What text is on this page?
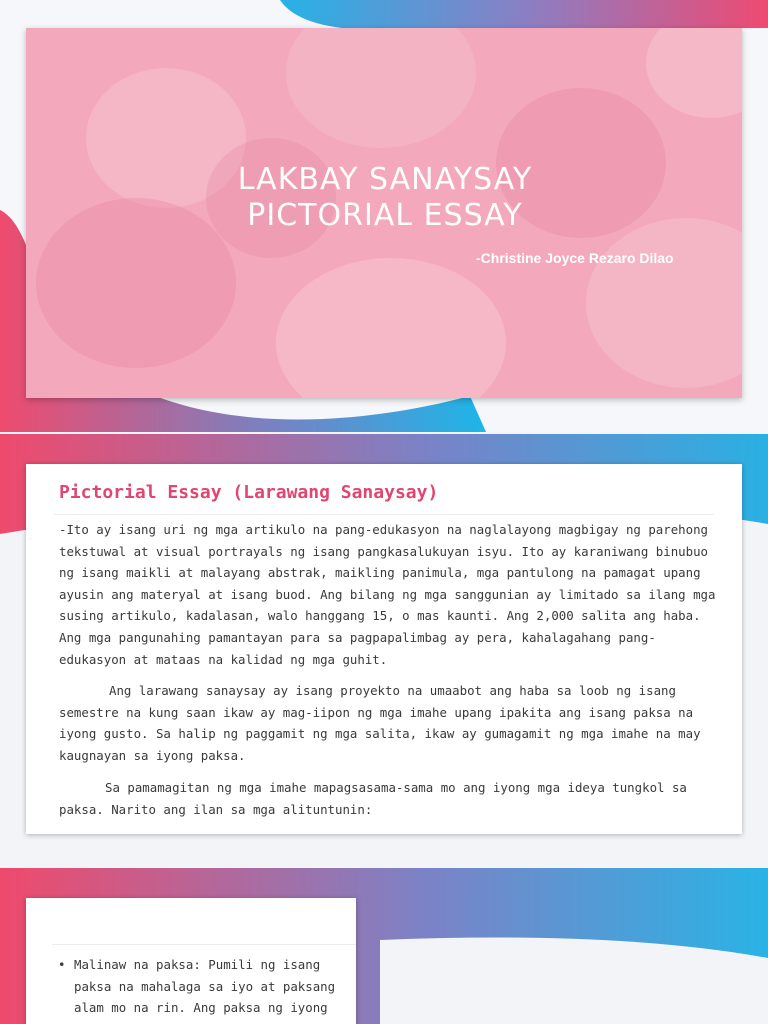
LAKBAY SANAYSAY
PICTORIAL ESSAY
-Christine Joyce Rezaro Dilao
Pictorial Essay (Larawang Sanaysay)

-Ito ay isang uri ng mga artikulo na pang-edukasyon na naglalayong magbigay ng parehong tekstuwal at visual portrayals ng isang pangkasalukuyan isyu. Ito ay karaniwang binubuo ng isang maikli at malayang abstrak, maikling panimula, mga pantulong na pamagat upang ayusin ang materyal at isang buod. Ang bilang ng mga sanggunian ay limitado sa ilang mga susing artikulo, kadalasan, walo hanggang 15, o mas kaunti. Ang 2,000 salita ang haba. Ang mga pangunahing pamantayan para sa pagpapalimbag ay pera, kahalagahang pang-edukasyon at mataas na kalidad ng mga guhit.

Ang larawang sanaysay ay isang proyekto na umaabot ang haba sa loob ng isang semestre na kung saan ikaw ay mag-iipon ng mga imahe upang ipakita ang isang paksa na iyong gusto. Sa halip ng paggamit ng mga salita, ikaw ay gumagamit ng mga imahe na may kaugnayan sa iyong paksa.

Sa pamamagitan ng mga imahe mapagsasama-sama mo ang iyong mga ideya tungkol sa paksa. Narito ang ilan sa mga alituntunin:

• Malinaw na paksa: Pumili ng isang paksa na mahalaga sa iyo at paksang alam mo na rin. Ang paksa ng iyong
